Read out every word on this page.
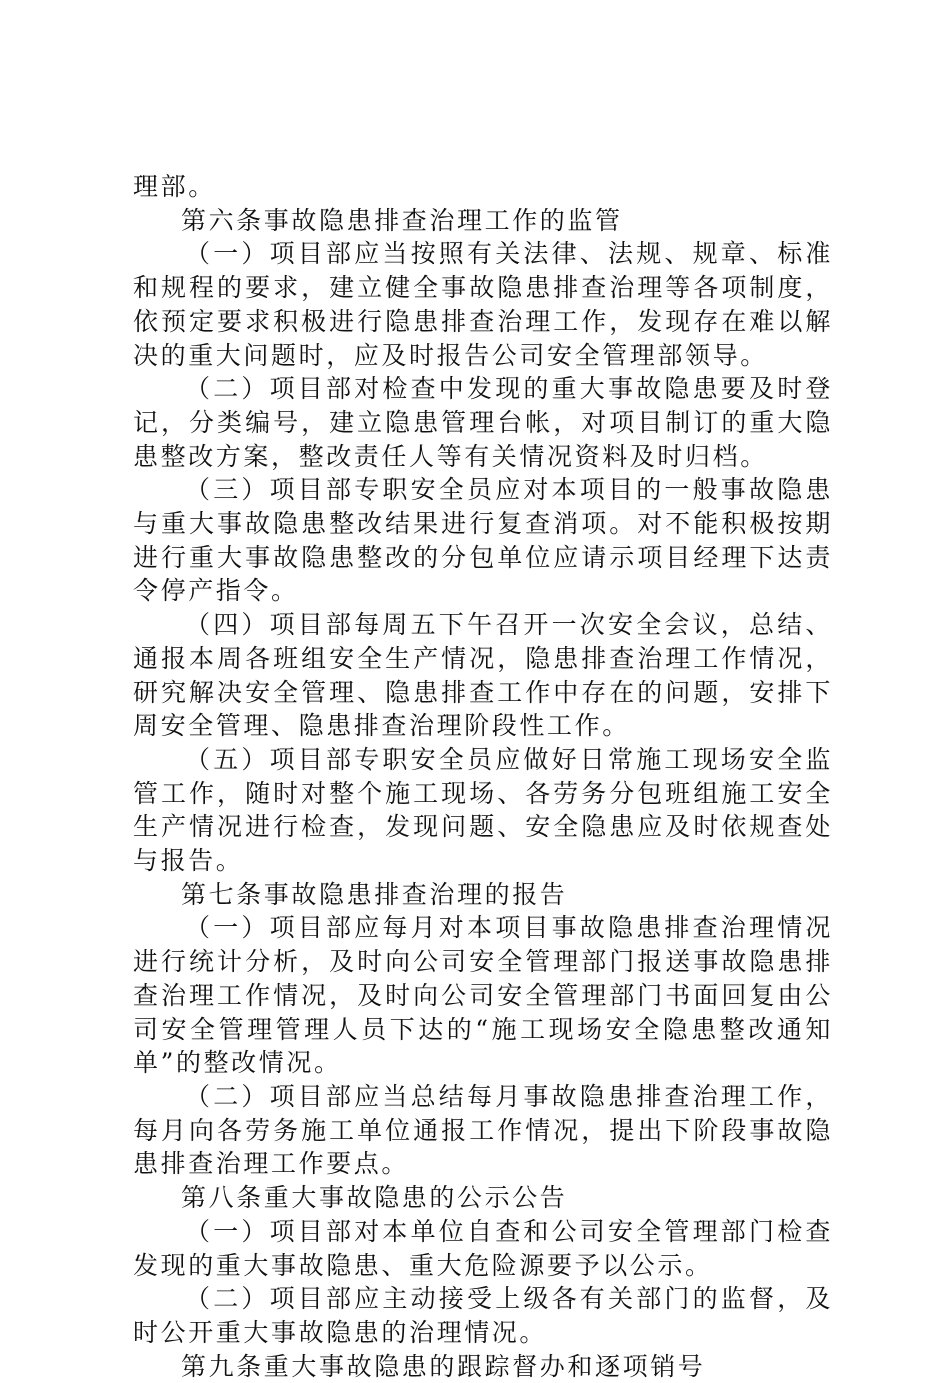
理部。

第六条事故隐患排查治理工作的监管

（一）项目部应当按照有关法律、法规、规章、标准和规程的要求，建立健全事故隐患排查治理等各项制度，依预定要求积极进行隐患排查治理工作，发现存在难以解决的重大问题时，应及时报告公司安全管理部领导。

（二）项目部对检查中发现的重大事故隐患要及时登记，分类编号，建立隐患管理台帐，对项目制订的重大隐患整改方案，整改责任人等有关情况资料及时归档。

（三）项目部专职安全员应对本项目的一般事故隐患与重大事故隐患整改结果进行复查消项。对不能积极按期进行重大事故隐患整改的分包单位应请示项目经理下达责令停产指令。

（四）项目部每周五下午召开一次安全会议，总结、通报本周各班组安全生产情况，隐患排查治理工作情况，研究解决安全管理、隐患排查工作中存在的问题，安排下周安全管理、隐患排查治理阶段性工作。

（五）项目部专职安全员应做好日常施工现场安全监管工作，随时对整个施工现场、各劳务分包班组施工安全生产情况进行检查，发现问题、安全隐患应及时依规查处与报告。

第七条事故隐患排查治理的报告

（一）项目部应每月对本项目事故隐患排查治理情况进行统计分析，及时向公司安全管理部门报送事故隐患排查治理工作情况，及时向公司安全管理部门书面回复由公司安全管理管理人员下达的“施工现场安全隐患整改通知单”的整改情况。

（二）项目部应当总结每月事故隐患排查治理工作，每月向各劳务施工单位通报工作情况，提出下阶段事故隐患排查治理工作要点。

第八条重大事故隐患的公示公告

（一）项目部对本单位自查和公司安全管理部门检查发现的重大事故隐患、重大危险源要予以公示。

（二）项目部应主动接受上级各有关部门的监督，及时公开重大事故隐患的治理情况。

第九条重大事故隐患的跟踪督办和逐项销号
